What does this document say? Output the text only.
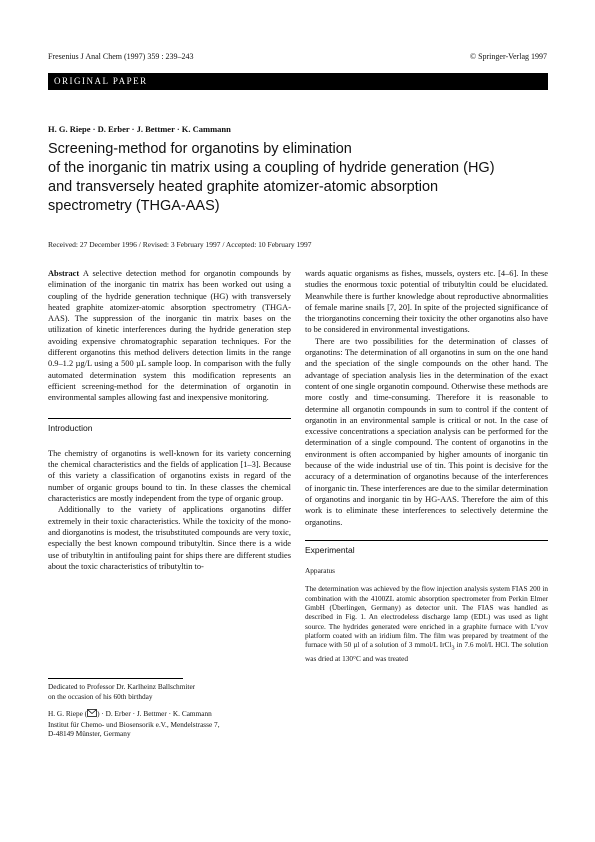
Fresenius J Anal Chem (1997) 359 : 239–243	© Springer-Verlag 1997
ORIGINAL PAPER
H. G. Riepe · D. Erber · J. Bettmer · K. Cammann
Screening-method for organotins by elimination
of the inorganic tin matrix using a coupling of hydride generation (HG)
and transversely heated graphite atomizer-atomic absorption
spectrometry (THGA-AAS)
Received: 27 December 1996 / Revised: 3 February 1997 / Accepted: 10 February 1997

Abstract A selective detection method for organotin compounds by elimination of the inorganic tin matrix has been worked out using a coupling of the hydride generation technique (HG) with transversely heated graphite atomizer-atomic absorption spectrometry (THGA-AAS). The suppression of the inorganic tin matrix bases on the utilization of kinetic interferences during the hydride generation step avoiding expensive chromatographic separation techniques. For the different organotins this method delivers detection limits in the range 0.9–1.2 µg/L using a 500 µL sample loop. In comparison with the fully automated determination system this modification represents an efficient screening-method for the determination of organotin in environmental samples allowing fast and inexpensive monitoring.

Introduction

The chemistry of organotins is well-known for its variety concerning the chemical characteristics and the fields of application [1–3]. Because of this variety a classification of organotins exists in regard of the number of organic groups bound to tin. In these classes the chemical characteristics are mostly independent from the type of organic group.

Additionally to the variety of applications organotins differ extremely in their toxic characteristics. While the toxicity of the mono- and diorganotins is modest, the trisubstituted compounds are very toxic, especially the best known compound tributyltin. Since there is a wide use of tributyltin in antifouling paint for ships there are different studies about the toxic characteristics of tributyltin to-

wards aquatic organisms as fishes, mussels, oysters etc. [4–6]. In these studies the enormous toxic potential of tributyltin could be elucidated. Meanwhile there is further knowledge about reproductive abnormalities of female marine snails [7, 20]. In spite of the projected significance of the triorganotins concerning their toxicity the other organotins also have to be considered in environmental investigations.

There are two possibilities for the determination of classes of organotins: The determination of all organotins in sum on the one hand and the speciation of the single compounds on the other hand. The advantage of speciation analysis lies in the determination of the exact content of one single organotin compound. Otherwise these methods are more costly and time-consuming. Therefore it is reasonable to determine all organotin compounds in sum to control if the content of organotin in an environmental sample is critical or not. In the case of excessive concentrations a speciation analysis can be performed for the determination of a single compound. The content of organotins in the environment is often accompanied by higher amounts of inorganic tin because of the wide industrial use of tin. This point is decisive for the accuracy of a determination of organotins because of the interferences of inorganic tin. These interferences are due to the similar determination of organotins and inorganic tin by HG-AAS. Therefore the aim of this work is to eliminate these interferences to selectively determine the organotins.

Experimental

Apparatus

The determination was achieved by the flow injection analysis system FIAS 200 in combination with the 4100ZL atomic absorption spectrometer from Perkin Elmer GmbH (Überlingen, Germany) as detector unit. The FIAS was handled as described in Fig. 1. An electrodeless discharge lamp (EDL) was used as light source. The hydrides generated were enriched in a graphite furnace with L’vov platform coated with an iridium film. The film was prepared by treatment of the furnace with 50 µl of a solution of 3 mmol/L IrCl$_3$ in 7.6 mol/L HCl. The solution was dried at 130°C and was treated

Dedicated to Professor Dr. Karlheinz Ballschmiter

on the occasion of his 60th birthday

H. G. Riepe ( ) · D. Erber · J. Bettmer · K. Cammann

Institut für Chemo- und Biosensorik e.V., Mendelstrasse 7,

D-48149 Münster, Germany
